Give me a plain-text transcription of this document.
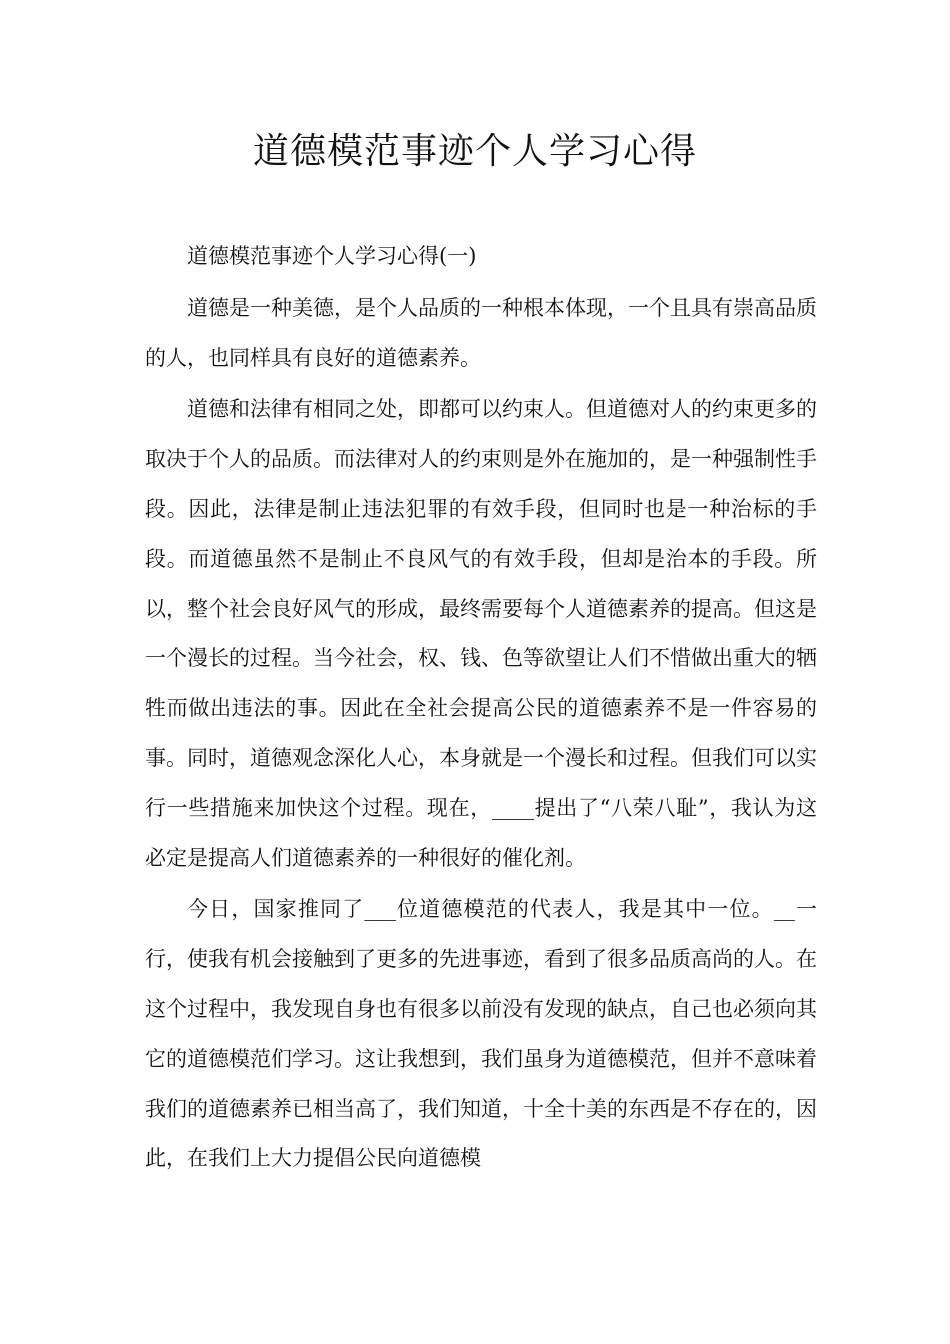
道德模范事迹个人学习心得

道德模范事迹个人学习心得(一)

道德是一种美德，是个人品质的一种根本体现，一个且具有崇高品质的人，也同样具有良好的道德素养。

道德和法律有相同之处，即都可以约束人。但道德对人的约束更多的取决于个人的品质。而法律对人的约束则是外在施加的，是一种强制性手段。因此，法律是制止违法犯罪的有效手段，但同时也是一种治标的手段。而道德虽然不是制止不良风气的有效手段，但却是治本的手段。所以，整个社会良好风气的形成，最终需要每个人道德素养的提高。但这是一个漫长的过程。当今社会，权、钱、色等欲望让人们不惜做出重大的牺牲而做出违法的事。因此在全社会提高公民的道德素养不是一件容易的事。同时，道德观念深化人心，本身就是一个漫长和过程。但我们可以实行一些措施来加快这个过程。现在，____提出了“八荣八耻”，我认为这必定是提高人们道德素养的一种很好的催化剂。

今日，国家推同了___位道德模范的代表人，我是其中一位。__一行，使我有机会接触到了更多的先进事迹，看到了很多品质高尚的人。在这个过程中，我发现自身也有很多以前没有发现的缺点，自己也必须向其它的道德模范们学习。这让我想到，我们虽身为道德模范，但并不意味着我们的道德素养已相当高了，我们知道，十全十美的东西是不存在的，因此，在我们上大力提倡公民向道德模
